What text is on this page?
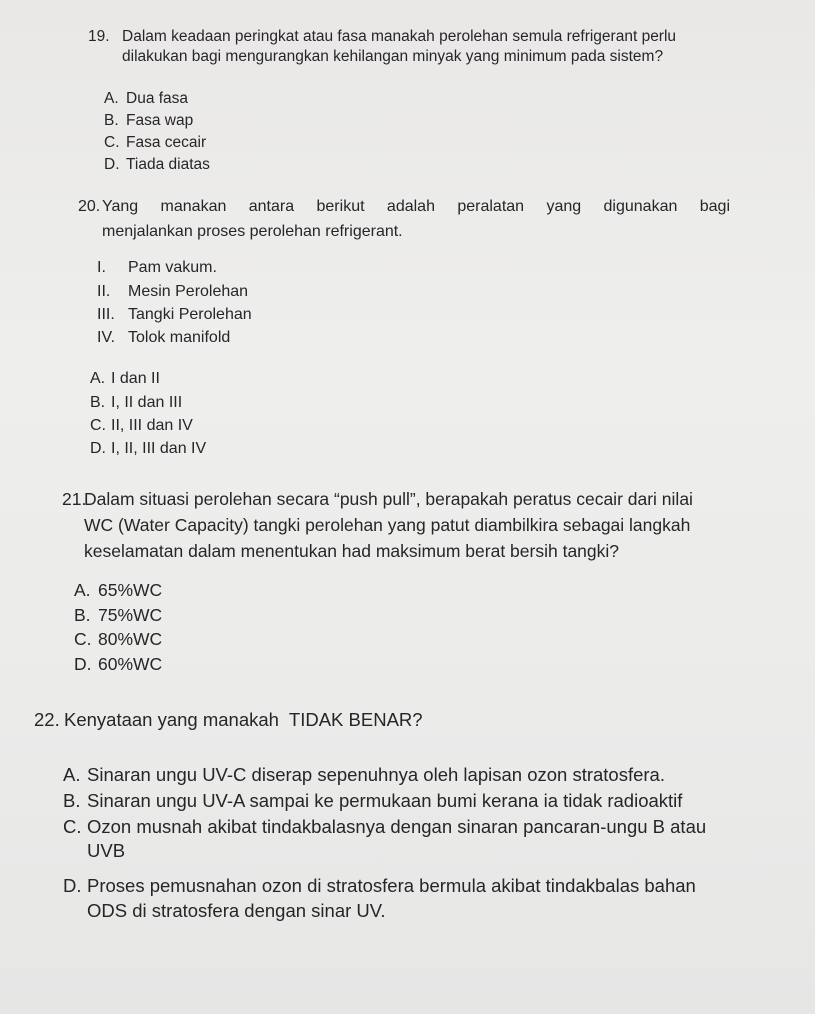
19. Dalam keadaan peringkat atau fasa manakah perolehan semula refrigerant perlu
dilakukan bagi mengurangkan kehilangan minyak yang minimum pada sistem?
A. Dua fasa
B. Fasa wap
C. Fasa cecair
D. Tiada diatas
20. Yang manakan antara berikut adalah peralatan yang digunakan bagi
menjalankan proses perolehan refrigerant.
I. Pam vakum.
II. Mesin Perolehan
III. Tangki Perolehan
IV. Tolok manifold
A. I dan II
B. I, II dan III
C. II, III dan IV
D. I, II, III dan IV
21.
Dalam situasi perolehan secara “push pull”, berapakah peratus cecair dari nilai
WC (Water Capacity) tangki perolehan yang patut diambilkira sebagai langkah
keselamatan dalam menentukan had maksimum berat bersih tangki?
A. 65%WC
B. 75%WC
C. 80%WC
D. 60%WC
22. Kenyataan yang manakah  TIDAK BENAR?
A. Sinaran ungu UV-C diserap sepenuhnya oleh lapisan ozon stratosfera.
B. Sinaran ungu UV-A sampai ke permukaan bumi kerana ia tidak radioaktif
C. Ozon musnah akibat tindakbalasnya dengan sinaran pancaran-ungu B atau
UVB
D. Proses pemusnahan ozon di stratosfera bermula akibat tindakbalas bahan
ODS di stratosfera dengan sinar UV.
